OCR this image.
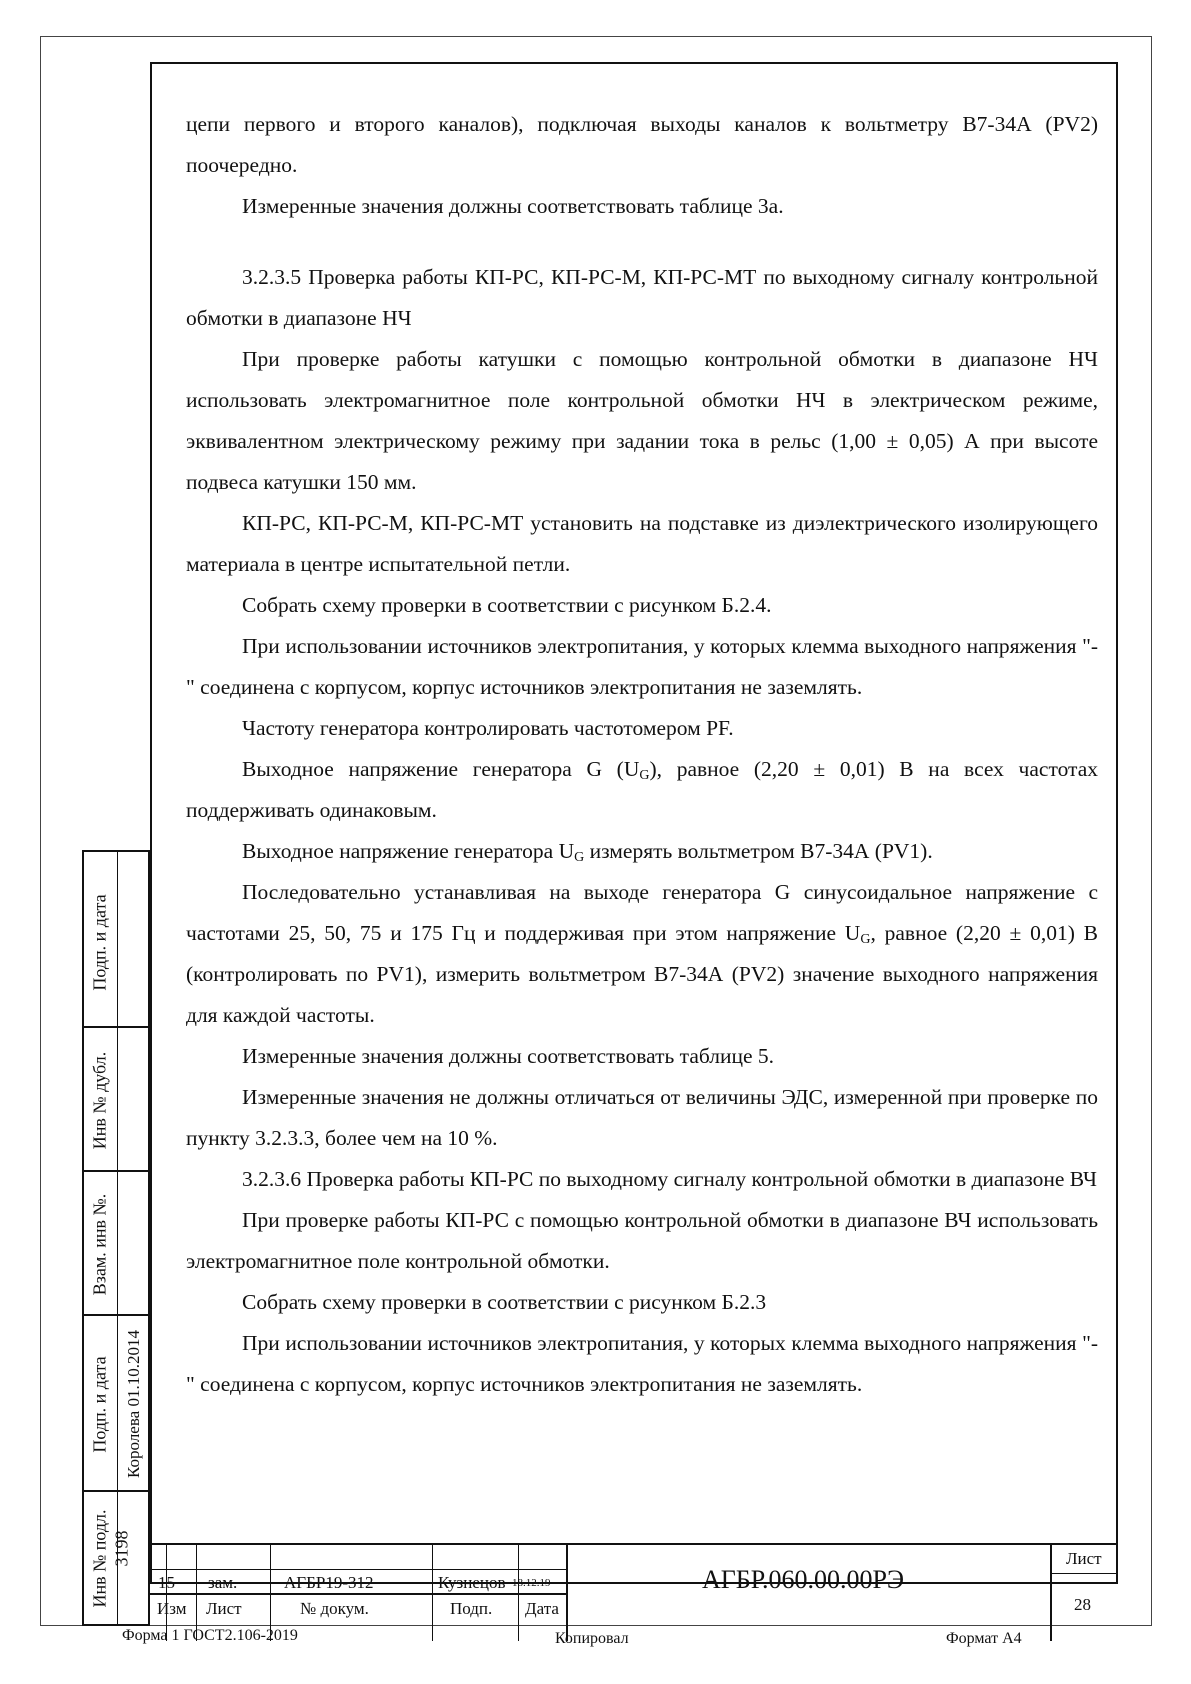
цепи первого и второго каналов), подключая выходы каналов к вольтметру В7-34А (PV2) поочередно.

Измеренные значения должны соответствовать таблице 3а.

3.2.3.5 Проверка работы КП-РС, КП-РС-М, КП-РС-МТ по выходному сигналу контрольной обмотки в диапазоне НЧ

При проверке работы катушки с помощью контрольной обмотки в диапазоне НЧ использовать электромагнитное поле контрольной обмотки НЧ в электрическом режиме, эквивалентном электрическому режиму при задании тока в рельс (1,00 ± 0,05) А при высоте подвеса катушки 150 мм.

КП-РС, КП-РС-М, КП-РС-МТ установить на подставке из диэлектрического изолирующего материала в центре испытательной петли.

Собрать схему проверки в соответствии с рисунком Б.2.4.

При использовании источников электропитания, у которых клемма выходного напряжения "-" соединена с корпусом, корпус источников электропитания не заземлять.

Частоту генератора контролировать частотомером PF.

Выходное напряжение генератора G $(U_G)$, равное (2,20 ± 0,01) В на всех частотах поддерживать одинаковым.

Выходное напряжение генератора $U_G$ измерять вольтметром В7-34А (PV1).

Последовательно устанавливая на выходе генератора G синусоидальное напряжение с частотами 25, 50, 75 и 175 Гц и поддерживая при этом напряжение $U_G$, равное (2,20 ± 0,01) В (контролировать по PV1), измерить вольтметром В7-34А (PV2) значение выходного напряжения для каждой частоты.

Измеренные значения должны соответствовать таблице 5.

Измеренные значения не должны отличаться от величины ЭДС, измеренной при проверке по пункту 3.2.3.3, более чем на 10 %.

3.2.3.6 Проверка работы КП-РС по выходному сигналу контрольной обмотки в диапазоне ВЧ

При проверке работы КП-РС с помощью контрольной обмотки в диапазоне ВЧ использовать электромагнитное поле контрольной обмотки.

Собрать схему проверки в соответствии с рисунком Б.2.3

При использовании источников электропитания, у которых клемма выходного напряжения "-" соединена с корпусом, корпус источников электропитания не заземлять.

Подп. и дата
Инв № дубл.
Взам. инв №.
Подп. и дата Королева 01.10.2014
Инв № подл. 3198
15 зам.	АГБР19-312	Кузнецов 18.12.19
Изм Лист	№ докум.	Подп. Дата
АГБР.060.00.00РЭ
Лист
28
Форма 1 ГОСТ2.106-2019	Копировал	Формат А4
